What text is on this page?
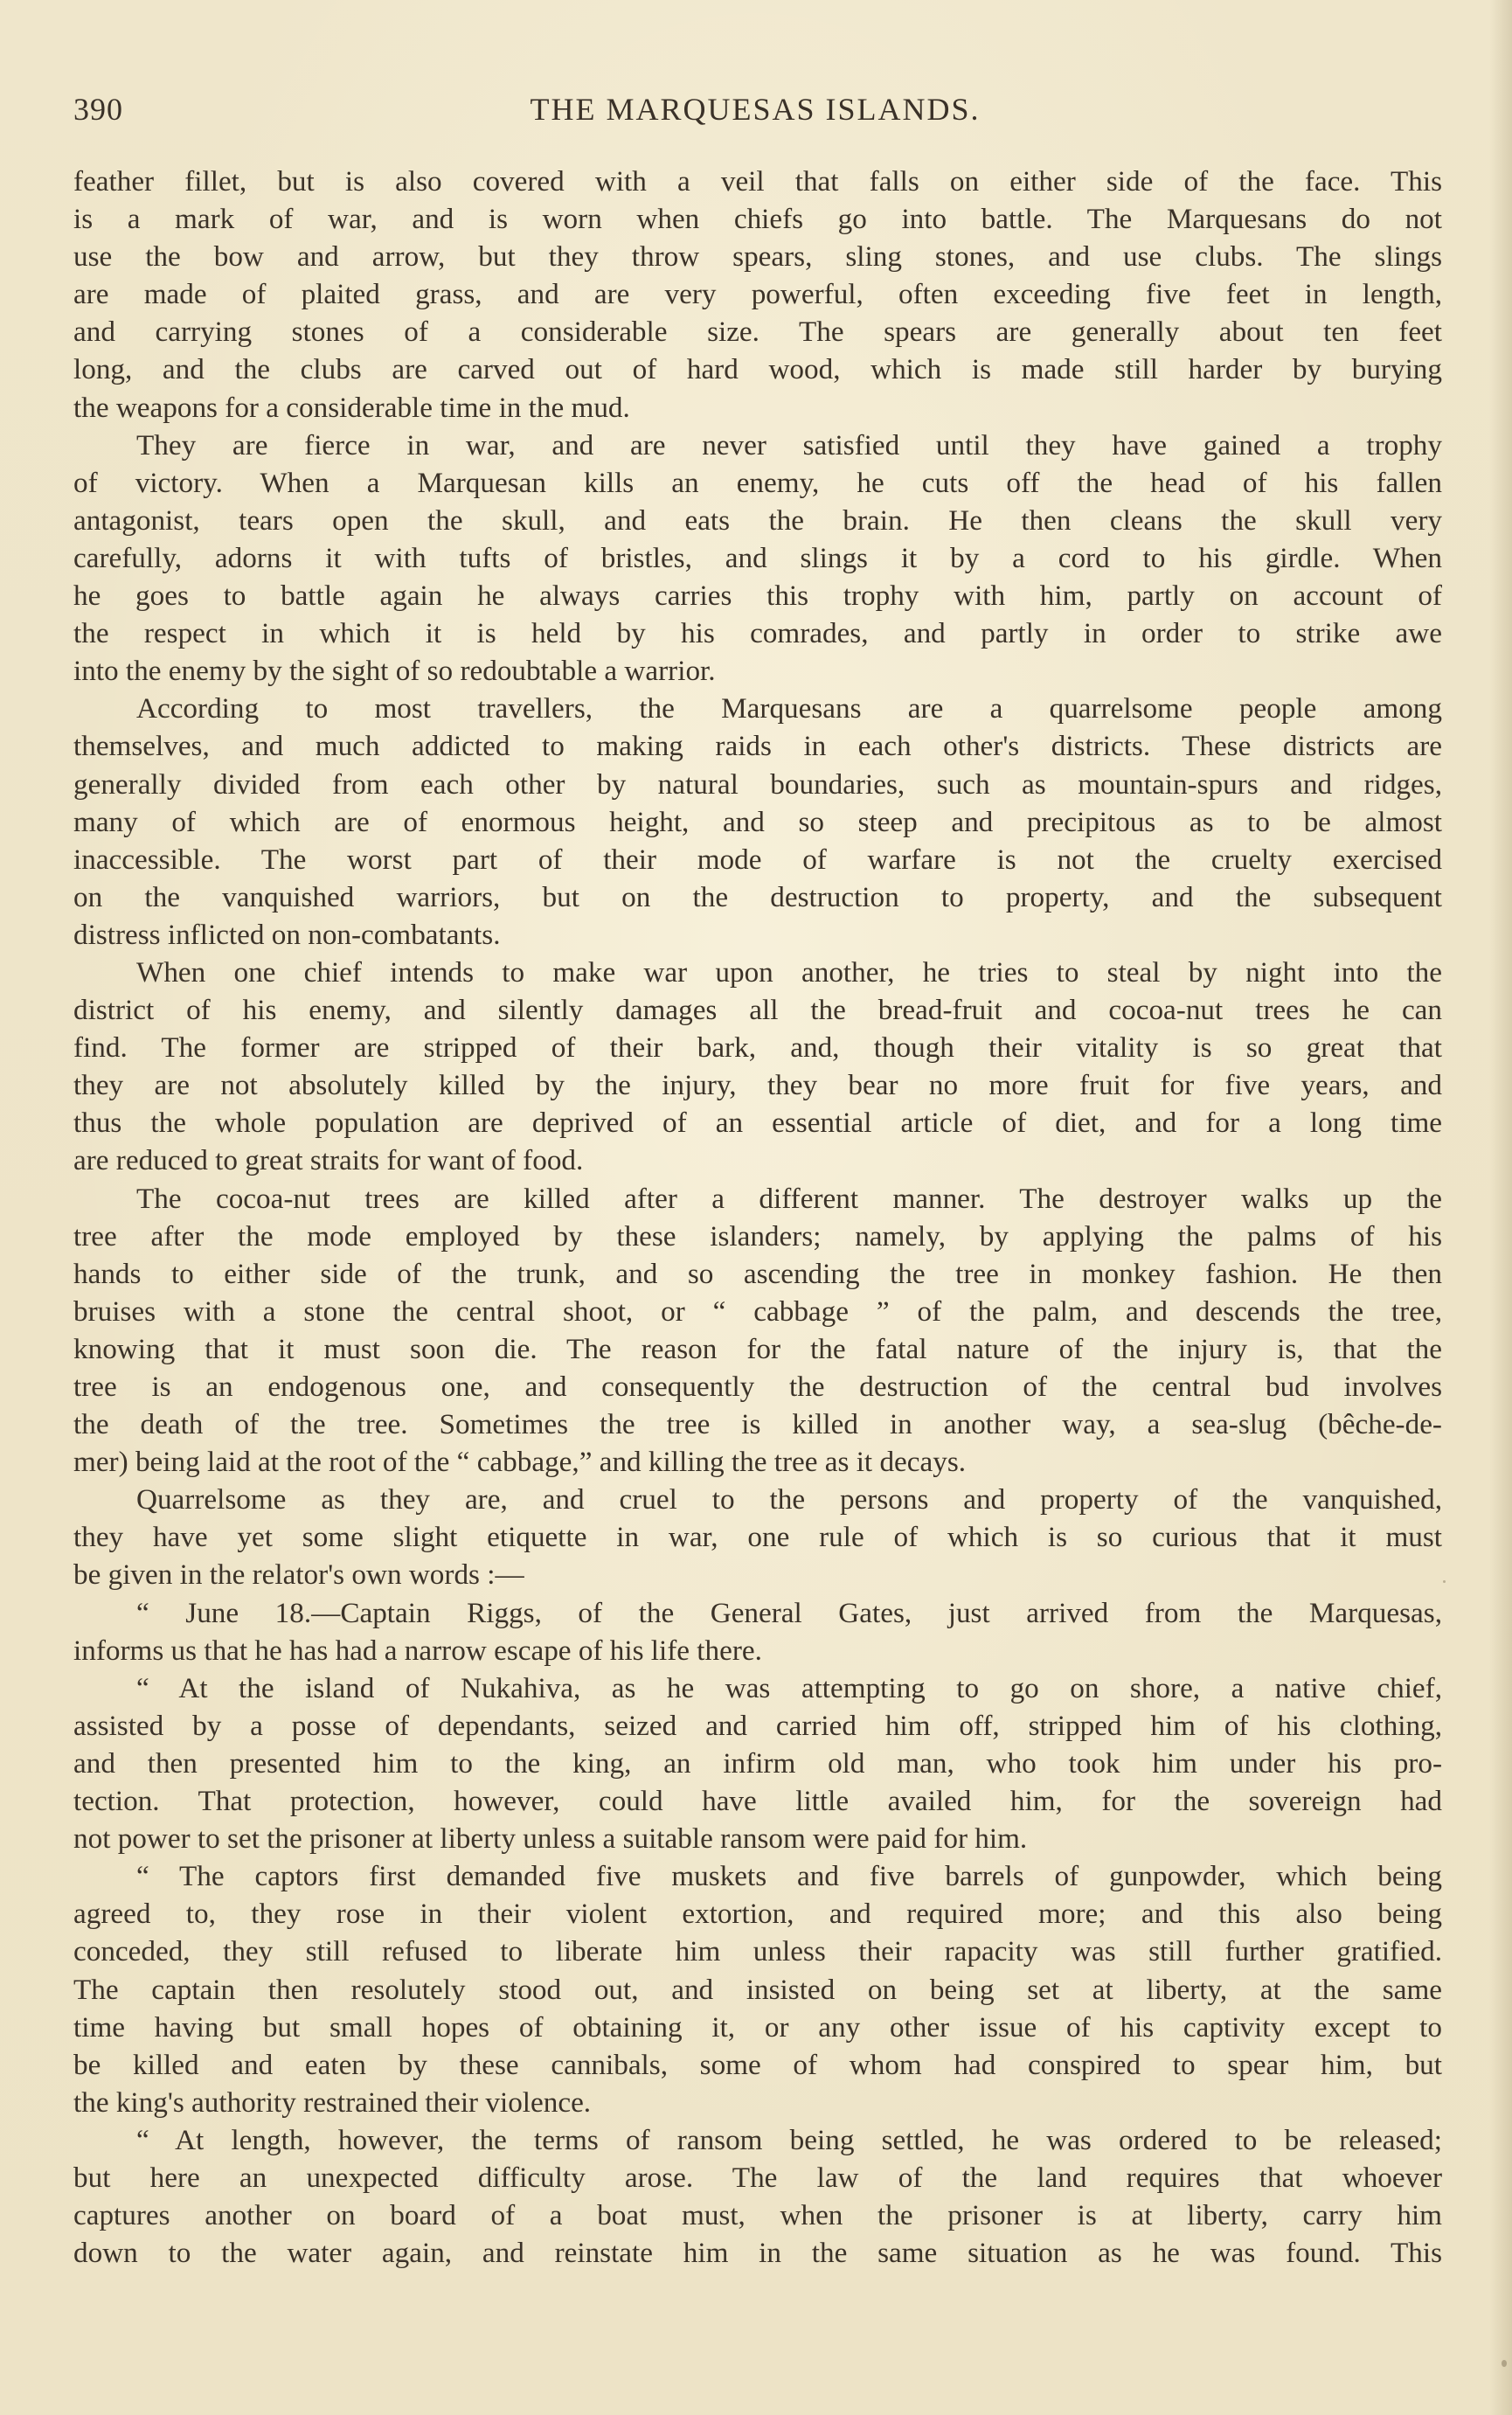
390	THE MARQUESAS ISLANDS.

feather fillet, but is also covered with a veil that falls on either side of the face. This
is a mark of war, and is worn when chiefs go into battle. The Marquesans do not
use the bow and arrow, but they throw spears, sling stones, and use clubs. The slings
are made of plaited grass, and are very powerful, often exceeding five feet in length,
and carrying stones of a considerable size. The spears are generally about ten feet
long, and the clubs are carved out of hard wood, which is made still harder by burying
the weapons for a considerable time in the mud.

They are fierce in war, and are never satisfied until they have gained a trophy
of victory. When a Marquesan kills an enemy, he cuts off the head of his fallen
antagonist, tears open the skull, and eats the brain. He then cleans the skull very
carefully, adorns it with tufts of bristles, and slings it by a cord to his girdle. When
he goes to battle again he always carries this trophy with him, partly on account of
the respect in which it is held by his comrades, and partly in order to strike awe
into the enemy by the sight of so redoubtable a warrior.

According to most travellers, the Marquesans are a quarrelsome people among
themselves, and much addicted to making raids in each other's districts. These districts are
generally divided from each other by natural boundaries, such as mountain-spurs and ridges,
many of which are of enormous height, and so steep and precipitous as to be almost
inaccessible. The worst part of their mode of warfare is not the cruelty exercised
on the vanquished warriors, but on the destruction to property, and the subsequent
distress inflicted on non-combatants.

When one chief intends to make war upon another, he tries to steal by night into the
district of his enemy, and silently damages all the bread-fruit and cocoa-nut trees he can
find. The former are stripped of their bark, and, though their vitality is so great that
they are not absolutely killed by the injury, they bear no more fruit for five years, and
thus the whole population are deprived of an essential article of diet, and for a long time
are reduced to great straits for want of food.

The cocoa-nut trees are killed after a different manner. The destroyer walks up the
tree after the mode employed by these islanders; namely, by applying the palms of his
hands to either side of the trunk, and so ascending the tree in monkey fashion. He then
bruises with a stone the central shoot, or “ cabbage ” of the palm, and descends the tree,
knowing that it must soon die. The reason for the fatal nature of the injury is, that the
tree is an endogenous one, and consequently the destruction of the central bud involves
the death of the tree. Sometimes the tree is killed in another way, a sea-slug (bêche-de-
mer) being laid at the root of the “ cabbage,” and killing the tree as it decays.

Quarrelsome as they are, and cruel to the persons and property of the vanquished,
they have yet some slight etiquette in war, one rule of which is so curious that it must
be given in the relator's own words :—

“ June 18.—Captain Riggs, of the General Gates, just arrived from the Marquesas,
informs us that he has had a narrow escape of his life there.

“ At the island of Nukahiva, as he was attempting to go on shore, a native chief,
assisted by a posse of dependants, seized and carried him off, stripped him of his clothing,
and then presented him to the king, an infirm old man, who took him under his pro-
tection. That protection, however, could have little availed him, for the sovereign had
not power to set the prisoner at liberty unless a suitable ransom were paid for him.

“ The captors first demanded five muskets and five barrels of gunpowder, which being
agreed to, they rose in their violent extortion, and required more; and this also being
conceded, they still refused to liberate him unless their rapacity was still further gratified.
The captain then resolutely stood out, and insisted on being set at liberty, at the same
time having but small hopes of obtaining it, or any other issue of his captivity except to
be killed and eaten by these cannibals, some of whom had conspired to spear him, but
the king's authority restrained their violence.

“ At length, however, the terms of ransom being settled, he was ordered to be released;
but here an unexpected difficulty arose. The law of the land requires that whoever
captures another on board of a boat must, when the prisoner is at liberty, carry him
down to the water again, and reinstate him in the same situation as he was found. This
